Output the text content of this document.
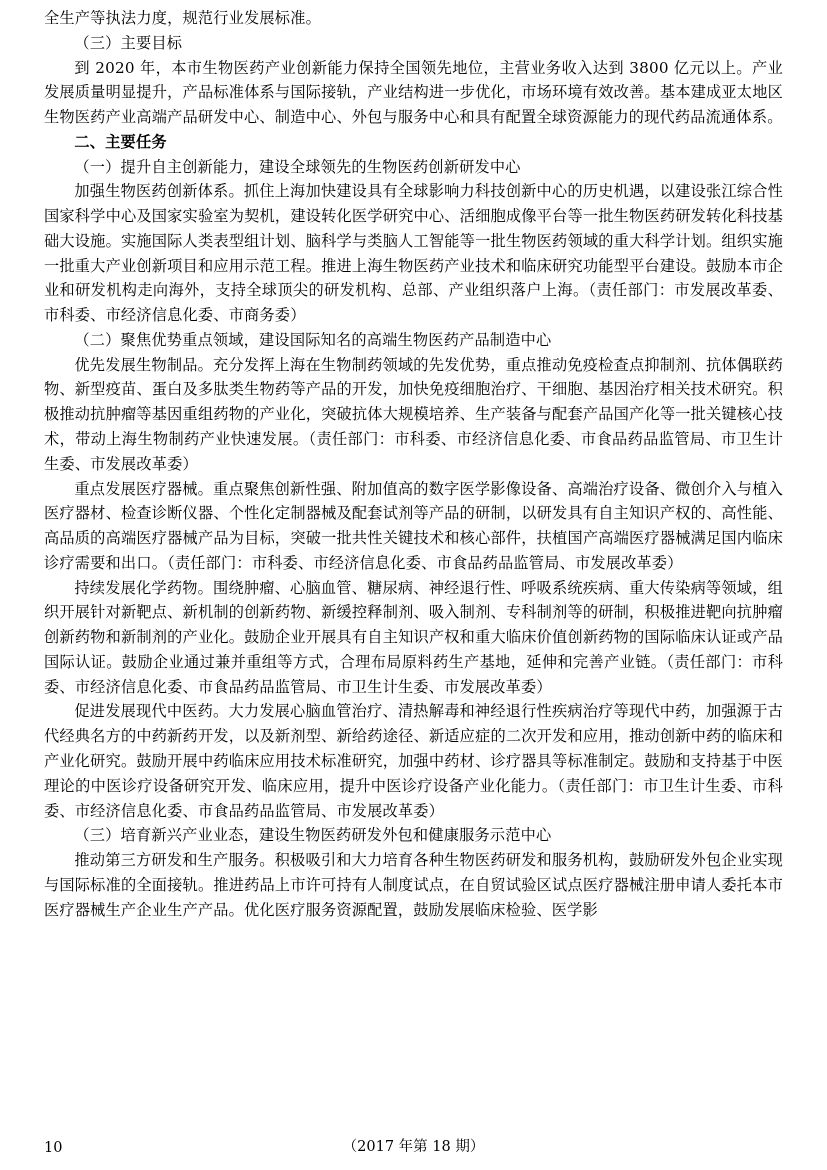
全生产等执法力度，规范行业发展标准。

（三）主要目标

到 2020 年，本市生物医药产业创新能力保持全国领先地位，主营业务收入达到 3800 亿元以上。产业发展质量明显提升，产品标准体系与国际接轨，产业结构进一步优化，市场环境有效改善。基本建成亚太地区生物医药产业高端产品研发中心、制造中心、外包与服务中心和具有配置全球资源能力的现代药品流通体系。

二、主要任务

（一）提升自主创新能力，建设全球领先的生物医药创新研发中心

加强生物医药创新体系。抓住上海加快建设具有全球影响力科技创新中心的历史机遇，以建设张江综合性国家科学中心及国家实验室为契机，建设转化医学研究中心、活细胞成像平台等一批生物医药研发转化科技基础大设施。实施国际人类表型组计划、脑科学与类脑人工智能等一批生物医药领域的重大科学计划。组织实施一批重大产业创新项目和应用示范工程。推进上海生物医药产业技术和临床研究功能型平台建设。鼓励本市企业和研发机构走向海外，支持全球顶尖的研发机构、总部、产业组织落户上海。（责任部门：市发展改革委、市科委、市经济信息化委、市商务委）

（二）聚焦优势重点领域，建设国际知名的高端生物医药产品制造中心

优先发展生物制品。充分发挥上海在生物制药领域的先发优势，重点推动免疫检查点抑制剂、抗体偶联药物、新型疫苗、蛋白及多肽类生物药等产品的开发，加快免疫细胞治疗、干细胞、基因治疗相关技术研究。积极推动抗肿瘤等基因重组药物的产业化，突破抗体大规模培养、生产装备与配套产品国产化等一批关键核心技术，带动上海生物制药产业快速发展。（责任部门：市科委、市经济信息化委、市食品药品监管局、市卫生计生委、市发展改革委）

重点发展医疗器械。重点聚焦创新性强、附加值高的数字医学影像设备、高端治疗设备、微创介入与植入医疗器材、检查诊断仪器、个性化定制器械及配套试剂等产品的研制，以研发具有自主知识产权的、高性能、高品质的高端医疗器械产品为目标，突破一批共性关键技术和核心部件，扶植国产高端医疗器械满足国内临床诊疗需要和出口。（责任部门：市科委、市经济信息化委、市食品药品监管局、市发展改革委）

持续发展化学药物。围绕肿瘤、心脑血管、糖尿病、神经退行性、呼吸系统疾病、重大传染病等领域，组织开展针对新靶点、新机制的创新药物、新缓控释制剂、吸入制剂、专科制剂等的研制，积极推进靶向抗肿瘤创新药物和新制剂的产业化。鼓励企业开展具有自主知识产权和重大临床价值创新药物的国际临床认证或产品国际认证。鼓励企业通过兼并重组等方式，合理布局原料药生产基地，延伸和完善产业链。（责任部门：市科委、市经济信息化委、市食品药品监管局、市卫生计生委、市发展改革委）

促进发展现代中医药。大力发展心脑血管治疗、清热解毒和神经退行性疾病治疗等现代中药，加强源于古代经典名方的中药新药开发，以及新剂型、新给药途径、新适应症的二次开发和应用，推动创新中药的临床和产业化研究。鼓励开展中药临床应用技术标准研究，加强中药材、诊疗器具等标准制定。鼓励和支持基于中医理论的中医诊疗设备研究开发、临床应用，提升中医诊疗设备产业化能力。（责任部门：市卫生计生委、市科委、市经济信息化委、市食品药品监管局、市发展改革委）

（三）培育新兴产业业态，建设生物医药研发外包和健康服务示范中心

推动第三方研发和生产服务。积极吸引和大力培育各种生物医药研发和服务机构，鼓励研发外包企业实现与国际标准的全面接轨。推进药品上市许可持有人制度试点，在自贸试验区试点医疗器械注册申请人委托本市医疗器械生产企业生产产品。优化医疗服务资源配置，鼓励发展临床检验、医学影

10	（2017 年第 18 期）
